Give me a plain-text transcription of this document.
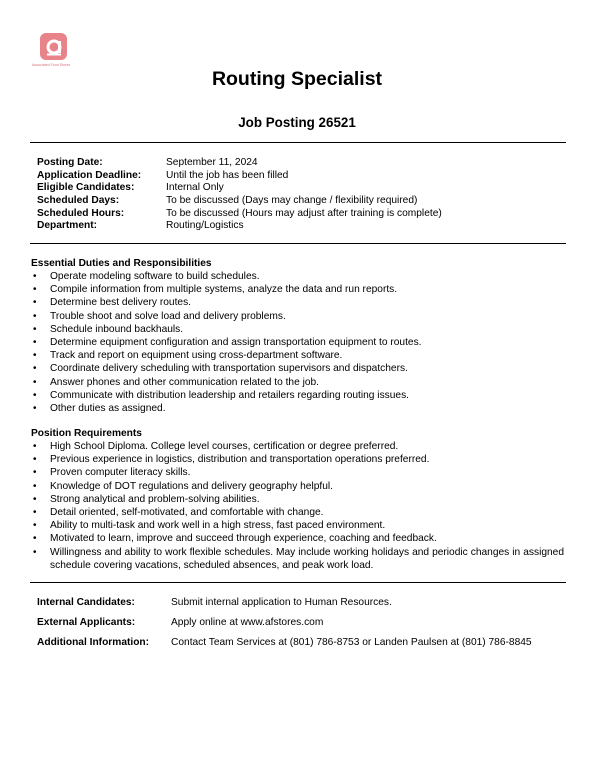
Associated Food Stores
Routing Specialist
Job Posting 26521
Posting Date:	September 11, 2024
Application Deadline:	Until the job has been filled
Eligible Candidates:	Internal Only
Scheduled Days:	To be discussed (Days may change / flexibility required)
Scheduled Hours:	To be discussed (Hours may adjust after training is complete)
Department:	Routing/Logistics
Essential Duties and Responsibilities
• Operate modeling software to build schedules.
• Compile information from multiple systems, analyze the data and run reports.
• Determine best delivery routes.
• Trouble shoot and solve load and delivery problems.
• Schedule inbound backhauls.
• Determine equipment configuration and assign transportation equipment to routes.
• Track and report on equipment using cross-department software.
• Coordinate delivery scheduling with transportation supervisors and dispatchers.
• Answer phones and other communication related to the job.
• Communicate with distribution leadership and retailers regarding routing issues.
• Other duties as assigned.
Position Requirements
• High School Diploma. College level courses, certification or degree preferred.
• Previous experience in logistics, distribution and transportation operations preferred.
• Proven computer literacy skills.
• Knowledge of DOT regulations and delivery geography helpful.
• Strong analytical and problem-solving abilities.
• Detail oriented, self-motivated, and comfortable with change.
• Ability to multi-task and work well in a high stress, fast paced environment.
• Motivated to learn, improve and succeed through experience, coaching and feedback.
• Willingness and ability to work flexible schedules. May include working holidays and periodic changes in assigned schedule covering vacations, scheduled absences, and peak work load.
Internal Candidates:	Submit internal application to Human Resources.
External Applicants:	Apply online at www.afstores.com
Additional Information:	Contact Team Services at (801) 786-8753 or Landen Paulsen at (801) 786-8845
